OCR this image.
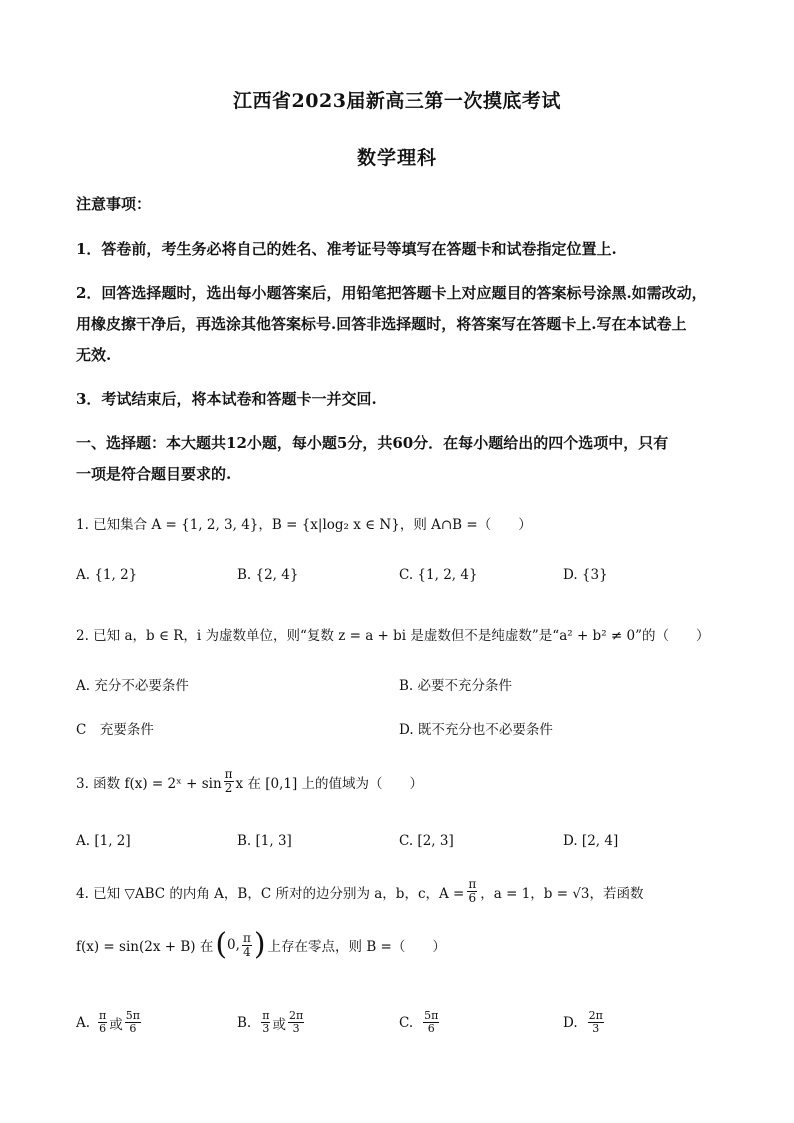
江西省2023届新高三第一次摸底考试
数学理科
注意事项：
1．答卷前，考生务必将自己的姓名、准考证号等填写在答题卡和试卷指定位置上.
2．回答选择题时，选出每小题答案后，用铅笔把答题卡上对应题目的答案标号涂黑.如需改动，
用橡皮擦干净后，再选涂其他答案标号.回答非选择题时，将答案写在答题卡上.写在本试卷上
无效.
3．考试结束后，将本试卷和答题卡一并交回.
一、选择题：本大题共12小题，每小题5分，共60分．在每小题给出的四个选项中，只有
一项是符合题目要求的.
1. 已知集合 A = {1, 2, 3, 4}，B = {x|log₂ x ∈ N}，则 A∩B =（　　）
A. {1, 2}	B. {2, 4}	C. {1, 2, 4}	D. {3}
2. 已知 a，b ∈ R，i 为虚数单位，则“复数 z = a + bi 是虚数但不是纯虚数”是“a² + b² ≠ 0”的（　　）
A. 充分不必要条件	B. 必要不充分条件
C　充要条件	D. 既不充分也不必要条件
3. 函数 f(x) = 2ˣ + $\sin \frac{\pi}{2}$ x 在 [0,1] 上的值域为（　　）
A. [1, 2]	B. [1, 3]	C. [2, 3]	D. [2, 4]
4. 已知 ▽ABC 的内角 A，B，C 所对的边分别为 a，b，c，$A = \frac{\pi}{6}$ ，a = 1，b = √3，若函数
f(x) = sin(2x + B) 在 ( 0, $\frac{\pi}{4}$ ) 上存在零点，则 B =（　　）
A. $\frac{\pi}{6}$ 或 $\frac{5\pi}{6}$	B. $\frac{\pi}{3}$ 或 $\frac{2\pi}{3}$	C. $\frac{5\pi}{6}$	D. $\frac{2\pi}{3}$
